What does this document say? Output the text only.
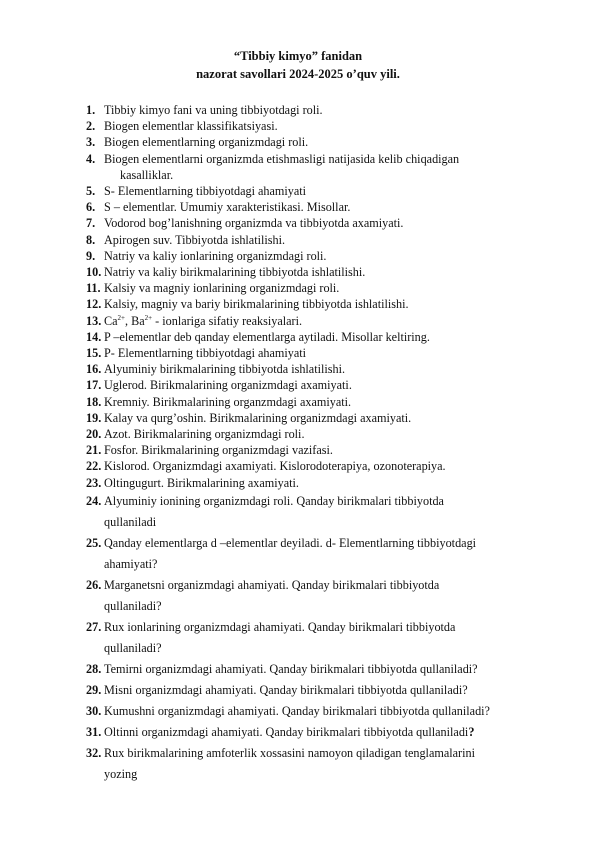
“Tibbiy kimyo” fanidan
nazorat savollari 2024-2025 o’quv yili.
1. Tibbiy kimyo fani va uning tibbiyotdagi roli.
2. Biogen elementlar klassifikatsiyasi.
3. Biogen elementlarning organizmdagi roli.
4. Biogen elementlarni organizmda etishmasligi natijasida kelib chiqadigan
kasalliklar.
5. S- Elementlarning tibbiyotdagi ahamiyati
6. S – elementlar. Umumiy xarakteristikasi. Misollar.
7. Vodorod bog’lanishning organizmda va tibbiyotda axamiyati.
8. Apirogen suv. Tibbiyotda ishlatilishi.
9. Natriy va kaliy ionlarining organizmdagi roli.
10. Natriy va kaliy birikmalarining tibbiyotda ishlatilishi.
11. Kalsiy va magniy ionlarining organizmdagi roli.
12. Kalsiy, magniy va bariy birikmalarining tibbiyotda ishlatilishi.
13. $Ca^{2+}$, $Ba^{2+}$ - ionlariga sifatiy reaksiyalari.
14. P –elementlar deb qanday elementlarga aytiladi. Misollar keltiring.
15. P- Elementlarning tibbiyotdagi ahamiyati
16. Alyuminiy birikmalarining tibbiyotda ishlatilishi.
17. Uglerod. Birikmalarining organizmdagi axamiyati.
18. Kremniy. Birikmalarining organzmdagi axamiyati.
19. Kalay va qurg’oshin. Birikmalarining organizmdagi axamiyati.
20. Azot. Birikmalarining organizmdagi roli.
21. Fosfor. Birikmalarining organizmdagi vazifasi.
22. Kislorod. Organizmdagi axamiyati. Kislorodoterapiya, ozonoterapiya.
23. Oltingugurt. Birikmalarining axamiyati.
24. Alyuminiy ionining organizmdagi roli. Qanday birikmalari tibbiyotda
qullaniladi
25. Qanday elementlarga d –elementlar deyiladi. d- Elementlarning tibbiyotdagi
ahamiyati?
26. Marganetsni organizmdagi ahamiyati. Qanday birikmalari tibbiyotda
qullaniladi?
27. Rux ionlarining organizmdagi ahamiyati. Qanday birikmalari tibbiyotda
qullaniladi?
28. Temirni organizmdagi ahamiyati. Qanday birikmalari tibbiyotda qullaniladi?
29. Misni organizmdagi ahamiyati. Qanday birikmalari tibbiyotda qullaniladi?
30. Kumushni organizmdagi ahamiyati. Qanday birikmalari tibbiyotda qullaniladi?
31. Oltinni organizmdagi ahamiyati. Qanday birikmalari tibbiyotda qullaniladi?
32. Rux birikmalarining amfoterlik xossasini namoyon qiladigan tenglamalarini
yozing
